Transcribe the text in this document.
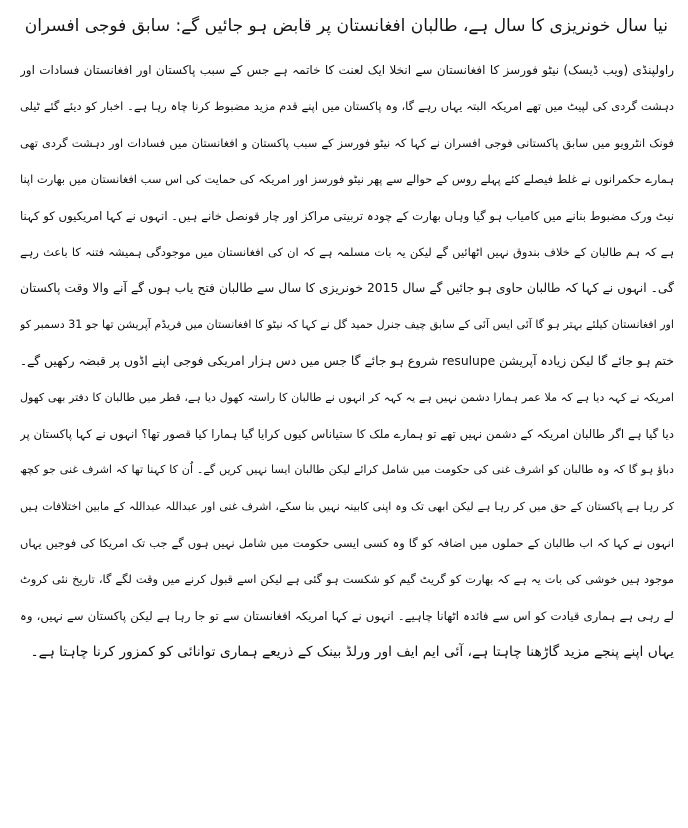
نیا سال خونریزی کا سال ہے، طالبان افغانستان پر قابض ہو جائیں گے: سابق فوجی افسران
راولپنڈی (ویب ڈیسک) نیٹو فورسز کا افغانستان سے انخلا ایک لعنت کا خاتمہ ہے جس کے سبب پاکستان اور افغانستان فسادات اور
دہشت گردی کی لپیٹ میں تھے امریکہ البتہ یہاں رہے گا، وہ پاکستان میں اپنے قدم مزید مضبوط کرنا چاہ رہا ہے۔ اخبار کو دیئے گئے ٹیلی
فونک انٹرویو میں سابق پاکستانی فوجی افسران نے کہا کہ نیٹو فورسز کے سبب پاکستان و افغانستان میں فسادات اور دہشت گردی تھی
ہمارے حکمرانوں نے غلط فیصلے کئے پہلے روس کے حوالے سے پھر نیٹو فورسز اور امریکہ کی حمایت کی اس سب افغانستان میں بھارت اپنا
نیٹ ورک مضبوط بنانے میں کامیاب ہو گیا وہاں بھارت کے چودہ تربیتی مراکز اور چار قونصل خانے ہیں۔ انہوں نے کہا امریکیوں کو کہنا
ہے کہ ہم طالبان کے خلاف بندوق نہیں اٹھائیں گے لیکن یہ بات مسلمہ ہے کہ ان کی افغانستان میں موجودگی ہمیشہ فتنہ کا باعث رہے
گی۔ انہوں نے کہا کہ طالبان حاوی ہو جائیں گے سال 2015 خونریزی کا سال سے طالبان فتح یاب ہوں گے آنے والا وقت پاکستان
اور افغانستان کیلئے بہتر ہو گا آئی ایس آئی کے سابق چیف جنرل حمید گل نے کہا کہ نیٹو کا افغانستان میں فریڈم آپریشن تھا جو 31 دسمبر کو
ختم ہو جائے گا لیکن زیادہ آپریشن resulupe شروع ہو جائے گا جس میں دس ہزار امریکی فوجی اپنے اڈوں پر قبضہ رکھیں گے۔
امریکہ نے کہہ دیا ہے کہ ملا عمر ہمارا دشمن نہیں ہے یہ کہہ کر انہوں نے طالبان کا راستہ کھول دیا ہے، قطر میں طالبان کا دفتر بھی کھول
دیا گیا ہے اگر طالبان امریکہ کے دشمن نہیں تھے تو ہمارے ملک کا ستیاناس کیوں کرایا گیا ہمارا کیا قصور تھا؟ انہوں نے کہا پاکستان پر
دباؤ ہو گا کہ وہ طالبان کو اشرف غنی کی حکومت میں شامل کرائے لیکن طالبان ایسا نہیں کریں گے۔ اُن کا کہنا تھا کہ اشرف غنی جو کچھ
کر رہا ہے پاکستان کے حق میں کر رہا ہے لیکن ابھی تک وہ اپنی کابینہ نہیں بنا سکے، اشرف غنی اور عبداللہ عبداللہ کے مابین اختلافات ہیں
انہوں نے کہا کہ اب طالبان کے حملوں میں اضافہ کو گا وہ کسی ایسی حکومت میں شامل نہیں ہوں گے جب تک امریکا کی فوجیں یہاں
موجود ہیں خوشی کی بات یہ ہے کہ بھارت کو گریٹ گیم کو شکست ہو گئی ہے لیکن اسے قبول کرنے میں وقت لگے گا، تاریخ نئی کروٹ
لے رہی ہے ہماری قیادت کو اس سے فائدہ اٹھانا چاہیے۔ انہوں نے کہا امریکہ افغانستان سے تو جا رہا ہے لیکن پاکستان سے نہیں، وہ
یہاں اپنے پنجے مزید گاڑھنا چاہتا ہے، آئی ایم ایف اور ورلڈ بینک کے ذریعے ہماری توانائی کو کمزور کرنا چاہتا ہے۔
